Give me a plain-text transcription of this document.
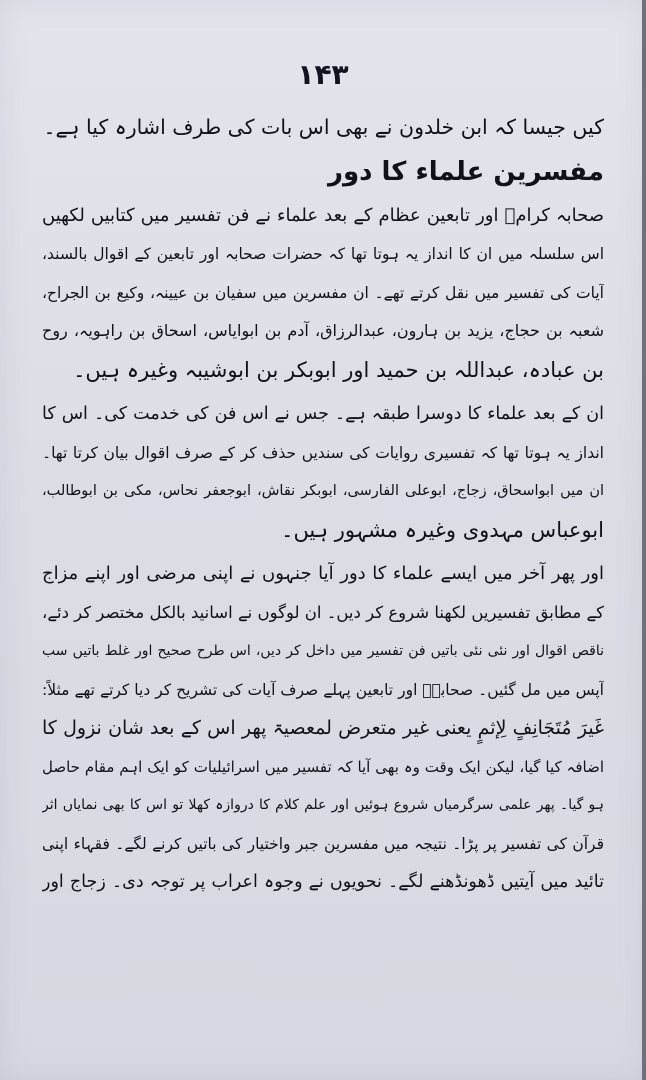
۱۴۳
کیں جیسا کہ ابن خلدون نے بھی اس بات کی طرف اشارہ کیا ہے۔
مفسرین علماء کا دور
صحابہ کرامؓ اور تابعین عظام کے بعد علماء نے فن تفسیر میں کتابیں لکھیں
اس سلسلہ میں ان کا انداز یہ ہوتا تھا کہ حضرات صحابہ اور تابعین کے اقوال بالسند،
آیات کی تفسیر میں نقل کرتے تھے۔ ان مفسرین میں سفیان بن عیینہ، وکیع بن الجراح،
شعبہ بن حجاج، یزید بن ہارون، عبدالرزاق، آدم بن ابوایاس، اسحاق بن راہویہ، روح
بن عبادہ، عبداللہ بن حمید اور ابوبکر بن ابوشیبہ وغیرہ ہیں۔
ان کے بعد علماء کا دوسرا طبقہ ہے۔ جس نے اس فن کی خدمت کی۔ اس کا
انداز یہ ہوتا تھا کہ تفسیری روایات کی سندیں حذف کر کے صرف اقوال بیان کرتا تھا۔
ان میں ابواسحاق، زجاج، ابوعلی الفارسی، ابوبکر نقاش، ابوجعفر نحاس، مکی بن ابوطالب،
ابوعباس مہدوی وغیرہ مشہور ہیں۔
اور پھر آخر میں ایسے علماء کا دور آیا جنہوں نے اپنی مرضی اور اپنے مزاج
کے مطابق تفسیریں لکھنا شروع کر دیں۔ ان لوگوں نے اسانید بالکل مختصر کر دئے،
ناقص اقوال اور نئی نئی باتیں فن تفسیر میں داخل کر دیں، اس طرح صحیح اور غلط باتیں سب
آپس میں مل گئیں۔ صحابہؓ اور تابعین پہلے صرف آیات کی تشریح کر دیا کرتے تھے مثلاً:
غَیرَ مُتَجَانِفٍ لِإثمٍ یعنی غیر متعرض لمعصیۃ پھر اس کے بعد شان نزول کا
اضافہ کیا گیا، لیکن ایک وقت وہ بھی آیا کہ تفسیر میں اسرائیلیات کو ایک اہم مقام حاصل
ہو گیا۔ پھر علمی سرگرمیاں شروع ہوئیں اور علم کلام کا دروازہ کھلا تو اس کا بھی نمایاں اثر
قرآن کی تفسیر پر پڑا۔ نتیجہ میں مفسرین جبر واختیار کی باتیں کرنے لگے۔ فقہاء اپنی
تائید میں آیتیں ڈھونڈھنے لگے۔ نحویوں نے وجوہ اعراب پر توجہ دی۔ زجاج اور
